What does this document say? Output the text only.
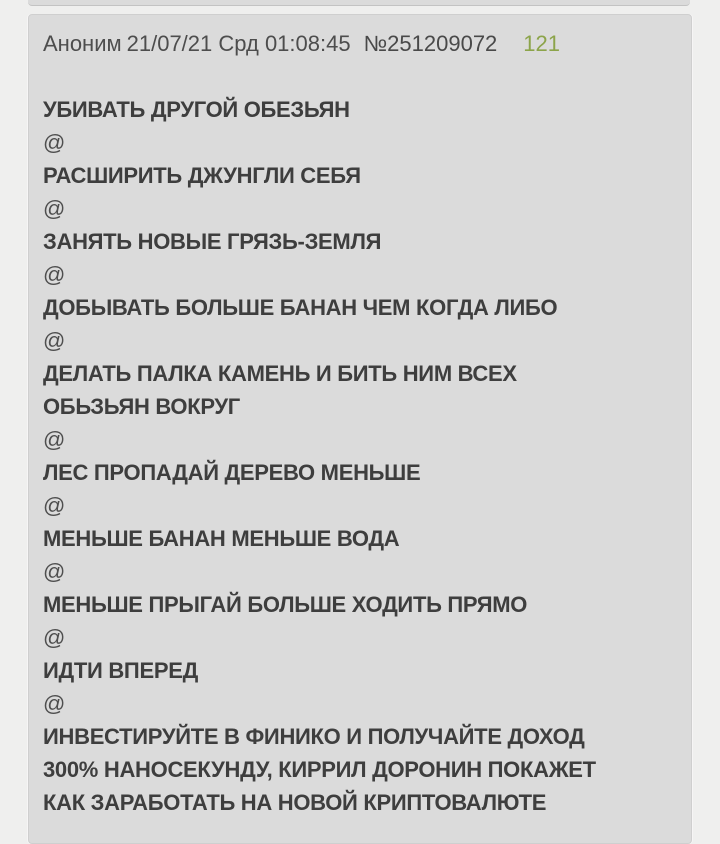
Аноним 21/07/21 Срд 01:08:45 №251209072 121
УБИВАТЬ ДРУГОЙ ОБЕЗЬЯН
@
РАСШИРИТЬ ДЖУНГЛИ СЕБЯ
@
ЗАНЯТЬ НОВЫЕ ГРЯЗЬ-ЗЕМЛЯ
@
ДОБЫВАТЬ БОЛЬШЕ БАНАН ЧЕМ КОГДА ЛИБО
@
ДЕЛАТЬ ПАЛКА КАМЕНЬ И БИТЬ НИМ ВСЕХ
ОБЬЗЬЯН ВОКРУГ
@
ЛЕС ПРОПАДАЙ ДЕРЕВО МЕНЬШЕ
@
МЕНЬШЕ БАНАН МЕНЬШЕ ВОДА
@
МЕНЬШЕ ПРЫГАЙ БОЛЬШЕ ХОДИТЬ ПРЯМО
@
ИДТИ ВПЕРЕД
@
ИНВЕСТИРУЙТЕ В ФИНИКО И ПОЛУЧАЙТЕ ДОХОД
300% НАНОСЕКУНДУ, КИРРИЛ ДОРОНИН ПОКАЖЕТ
КАК ЗАРАБОТАТЬ НА НОВОЙ КРИПТОВАЛЮТЕ
